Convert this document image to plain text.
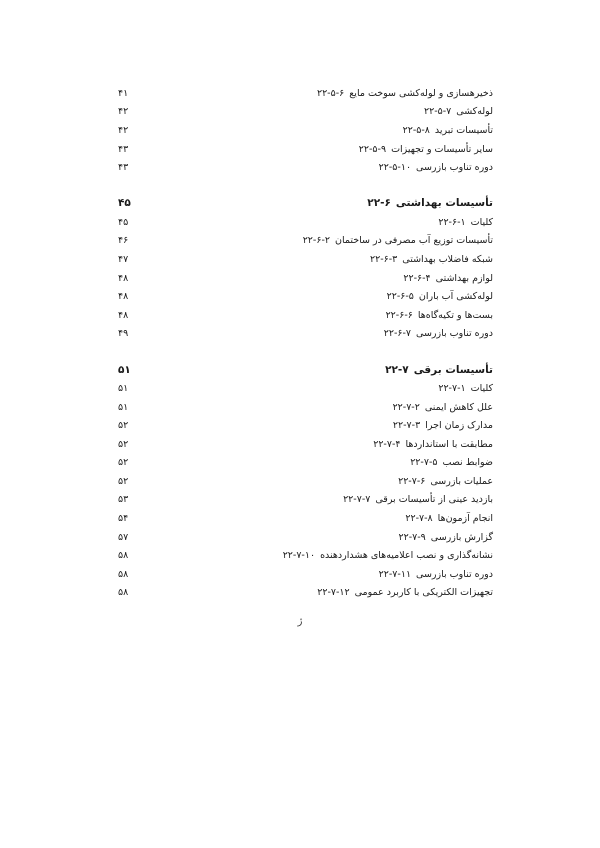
۴۱	۲۲-۵-۶ ذخیرهسازی و لوله‌کشی سوخت مایع
۴۲	۲۲-۵-۷ لوله‌کشی
۴۲	۲۲-۵-۸ تأسیسات تبرید
۴۳	۲۲-۵-۹ سایر تأسیسات و تجهیزات
۴۳	۲۲-۵-۱۰ دوره تناوب بازرسی
۴۵	۲۲-۶ تأسیسات بهداشتی
۴۵	۲۲-۶-۱ کلیات
۴۶	۲۲-۶-۲ تأسیسات توزیع آب مصرفی در ساختمان
۴۷	۲۲-۶-۳ شبکه فاضلاب بهداشتی
۴۸	۲۲-۶-۴ لوازم بهداشتی
۴۸	۲۲-۶-۵ لوله‌کشی آب باران
۴۸	۲۲-۶-۶ بست‌ها و تکیه‌گاه‌ها
۴۹	۲۲-۶-۷ دوره تناوب بازرسی
۵۱	۲۲-۷ تأسیسات برقی
۵۱	۲۲-۷-۱ کلیات
۵۱	۲۲-۷-۲ علل کاهش ایمنی
۵۲	۲۲-۷-۳ مدارک زمان اجرا
۵۲	۲۲-۷-۴ مطابقت با استانداردها
۵۲	۲۲-۷-۵ ضوابط نصب
۵۲	۲۲-۷-۶ عملیات بازرسی
۵۳	۲۲-۷-۷ بازدید عینی از تأسیسات برقی
۵۴	۲۲-۷-۸ انجام آزمون‌ها
۵۷	۲۲-۷-۹ گزارش بازرسی
۵۸	۲۲-۷-۱۰ نشانه‌گذاری و نصب اعلامیه‌های هشداردهنده
۵۸	۲۲-۷-۱۱ دوره تناوب بازرسی
۵۸	۲۲-۷-۱۲ تجهیزات الکتریکی با کاربرد عمومی
ژ
